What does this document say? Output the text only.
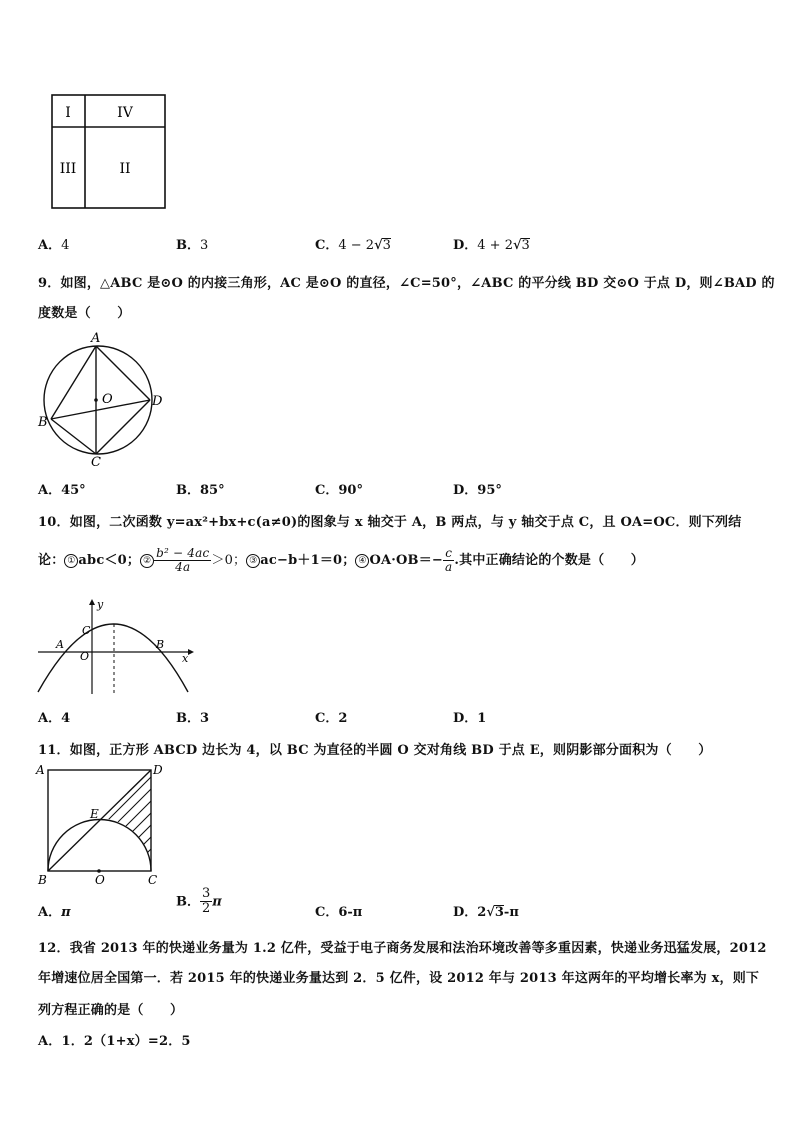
I	IV
III	II
A．4	B．3	C．4 − 2√3	D．4 + 2√3
9．如图，△ABC 是⊙O 的内接三角形，AC 是⊙O 的直径，∠C=50°，∠ABC 的平分线 BD 交⊙O 于点 D，则∠BAD 的
度数是（　　）
A
O	D
B
C
A．45°	B．85°	C．90°	D．95°
10．如图，二次函数 y=ax²+bx+c(a≠0)的图象与 x 轴交于 A，B 两点，与 y 轴交于点 C，且 OA=OC．则下列结
论： ① abc＜0； ② $\frac{\text{b² − 4ac}}{4a} >0$； ③ ac−b＋1＝0； ④ $OA\cdot OB=- \frac{c}{a}$ .其中正确结论的个数是（　　）
y
x
C
A
O
B
A．4	B．3	C．2	D．1
11．如图，正方形 ABCD 边长为 4，以 BC 为直径的半圆 O 交对角线 BD 于点 E，则阴影部分面积为（　　）
A	D
E
B	O	C
A．π
B． $\frac{3}{2}$ π
C．6-π	D．2√3-π
12．我省 2013 年的快递业务量为 1.2 亿件，受益于电子商务发展和法治环境改善等多重因素，快递业务迅猛发展，2012
年增速位居全国第一．若 2015 年的快递业务量达到 2．5 亿件，设 2012 年与 2013 年这两年的平均增长率为 x，则下
列方程正确的是（　　）
A．1．2（1+x）=2．5
